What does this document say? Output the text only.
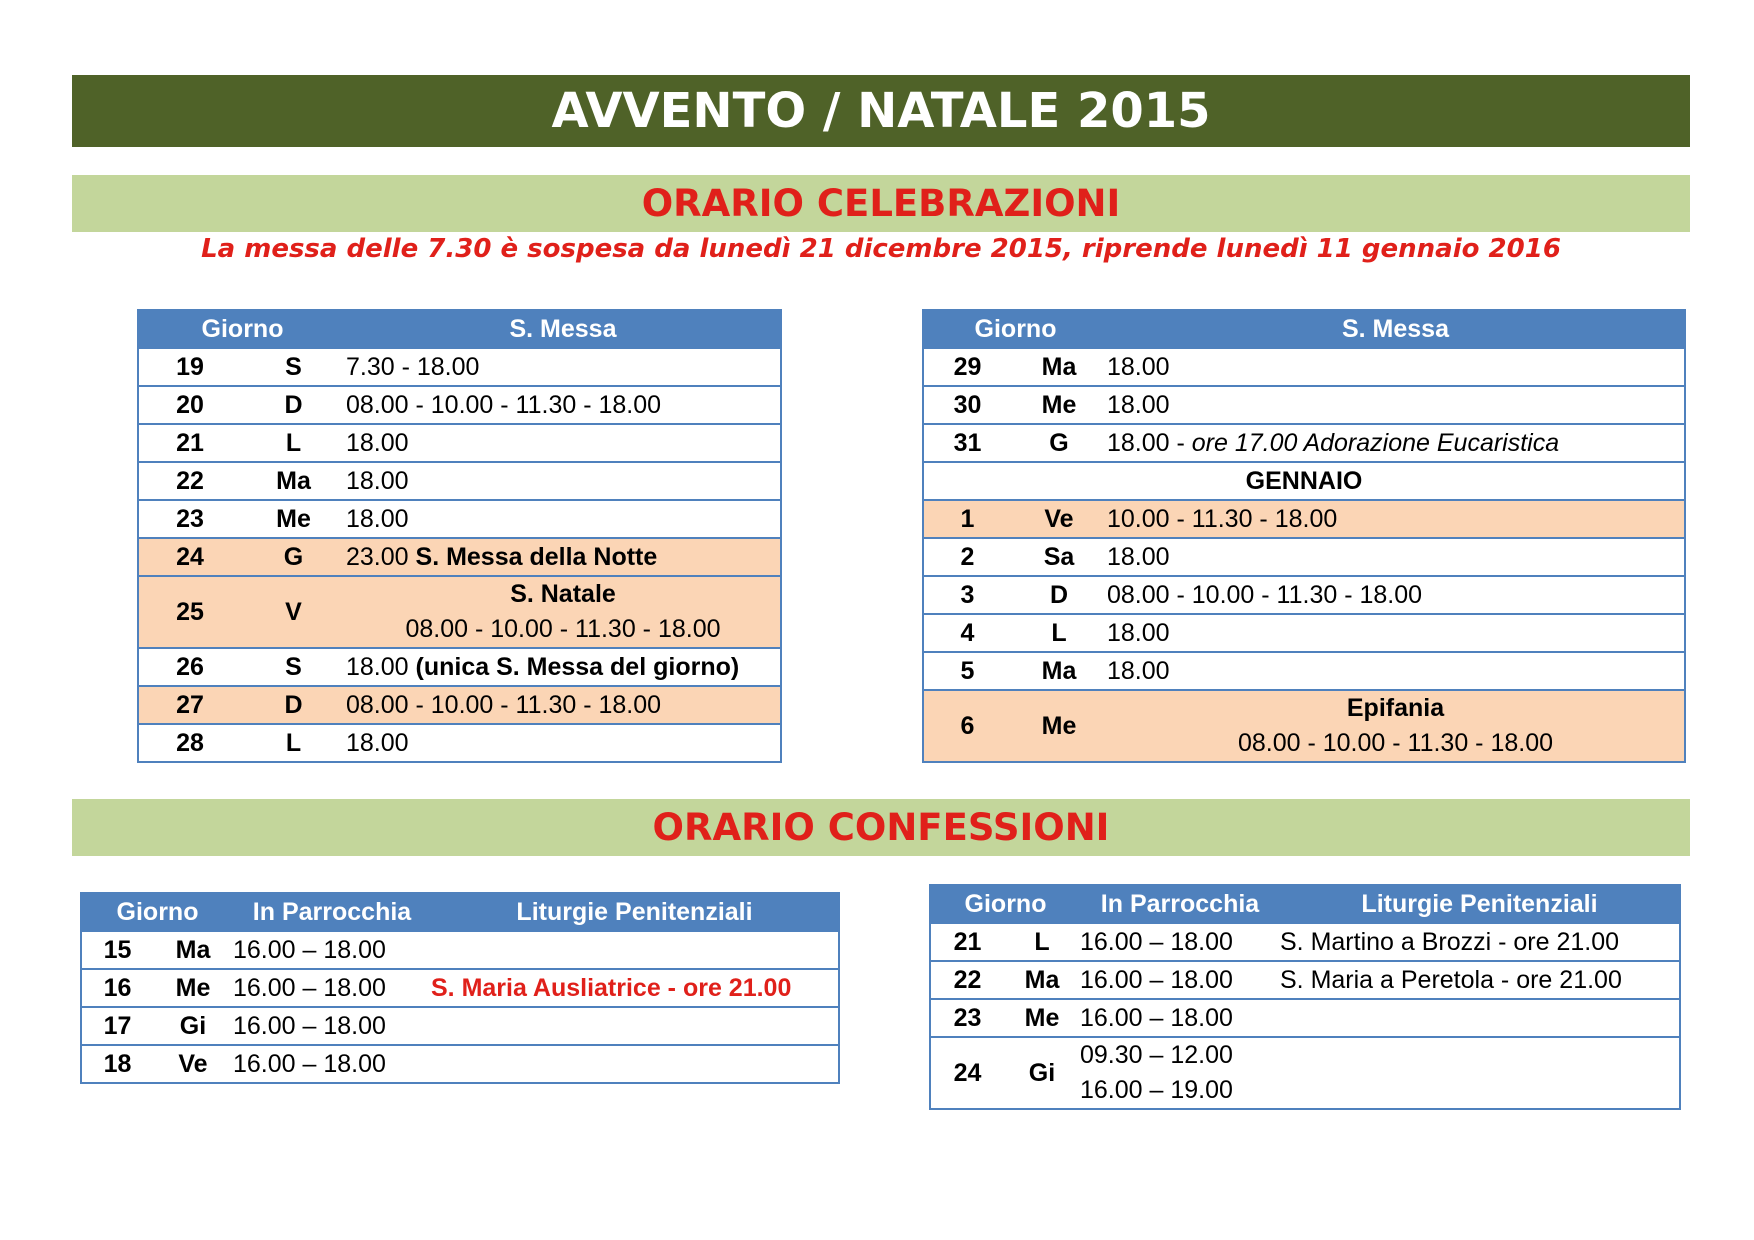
AVVENTO / NATALE 2015
ORARIO CELEBRAZIONI
La messa delle 7.30 è sospesa da lunedì 21 dicembre 2015, riprende lunedì 11 gennaio 2016
Giorno		S. Messa
19	S	7.30 - 18.00
20	D	08.00 - 10.00 - 11.30 - 18.00
21	L	18.00
22	Ma	18.00
23	Me	18.00
24	G	23.00 S. Messa della Notte
25	V	S. Natale
08.00 - 10.00 - 11.30 - 18.00

26	S	18.00 (unica S. Messa del giorno)
27	D	08.00 - 10.00 - 11.30 - 18.00
28	L	18.00
Giorno		S. Messa
29	Ma	18.00
30	Me	18.00
31	G	18.00 - ore 17.00 Adorazione Eucaristica
GENNAIO		
1	Ve	10.00 - 11.30 - 18.00
2	Sa	18.00
3	D	08.00 - 10.00 - 11.30 - 18.00
4	L	18.00
5	Ma	18.00
6	Me	Epifania
08.00 - 10.00 - 11.30 - 18.00
ORARIO CONFESSIONI
Giorno		In Parrocchia	Liturgie Penitenziali
15	Ma	16.00 – 18.00	
16	Me	16.00 – 18.00	S. Maria Ausliatrice - ore 21.00
17	Gi	16.00 – 18.00	
18	Ve	16.00 – 18.00	
Giorno		In Parrocchia	Liturgie Penitenziali
21	L	16.00 – 18.00	S. Martino a Brozzi - ore 21.00
22	Ma	16.00 – 18.00	S. Maria a Peretola - ore 21.00
23	Me	16.00 – 18.00	
24	Gi	09.30 – 12.00
16.00 – 19.00	
